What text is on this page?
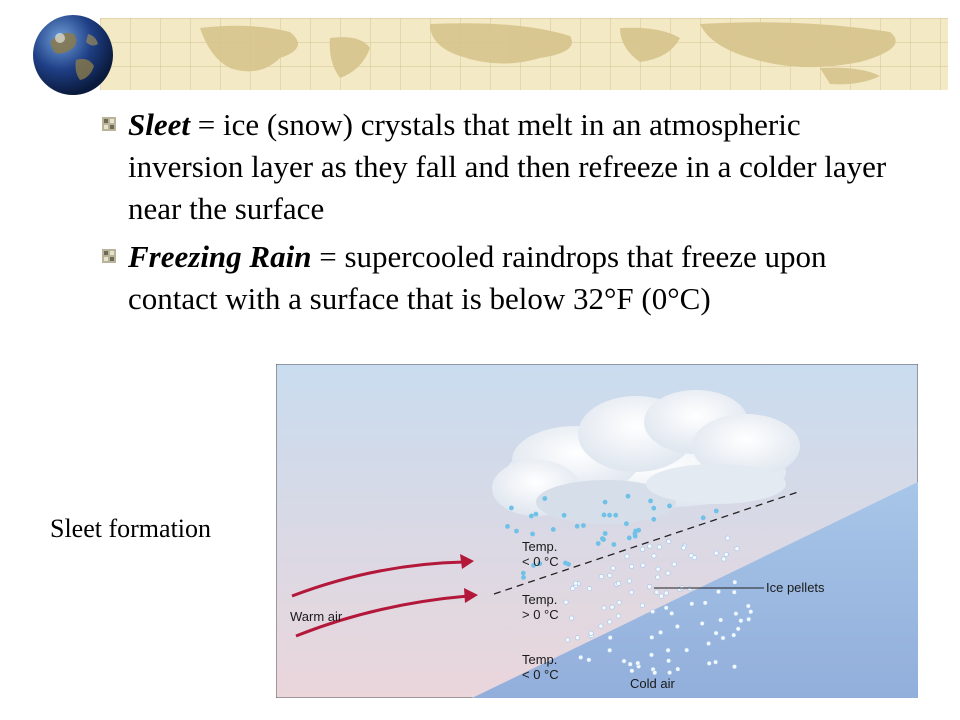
Sleet = ice (snow) crystals that melt in an atmospheric inversion layer as they fall and then refreeze in a colder layer near the surface
Freezing Rain = supercooled raindrops that freeze upon contact with a surface that is below 32°F (0°C)
Sleet formation
Temp.
< 0 °C
Temp.
> 0 °C
Temp.
< 0 °C
Warm air
Ice pellets
Cold air
